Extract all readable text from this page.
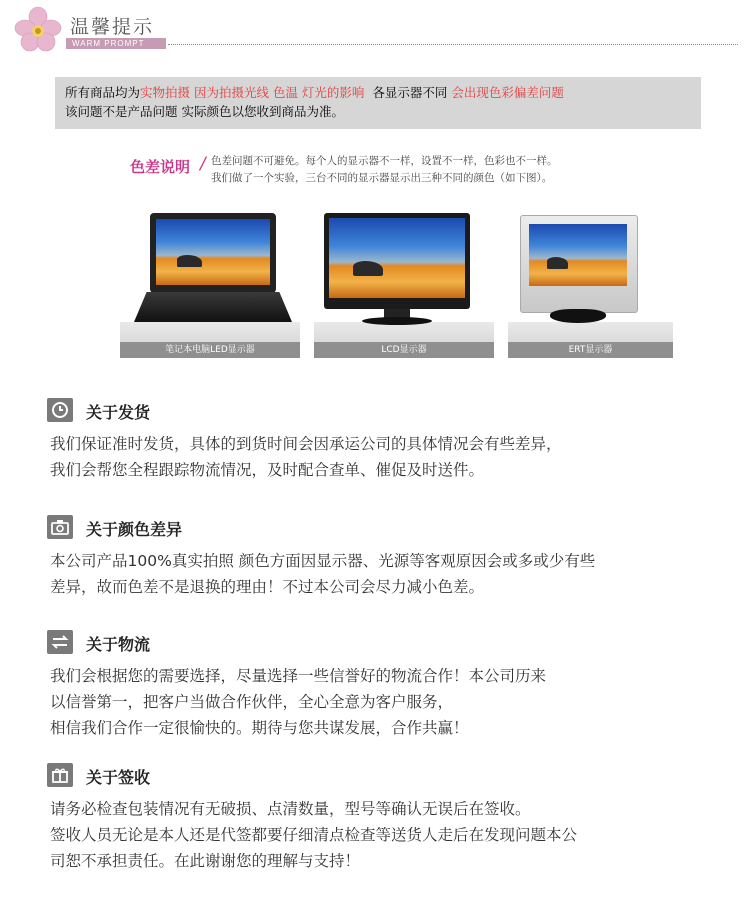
温馨提示
WARM PROMPT
所有商品均为实物拍摄 因为拍摄光线 色温 灯光的影响 各显示器不同 会出现色彩偏差问题
该问题不是产品问题 实际颜色以您收到商品为准。
色差说明 / 色差问题不可避免。每个人的显示器不一样，设置不一样，色彩也不一样。
我们做了一个实验，三台不同的显示器显示出三种不同的颜色（如下图）。
笔记本电脑LED显示器	LCD显示器	ERT显示器
关于发货
我们保证准时发货，具体的到货时间会因承运公司的具体情况会有些差异，
我们会帮您全程跟踪物流情况，及时配合查单、催促及时送件。
关于颜色差异
本公司产品100%真实拍照 颜色方面因显示器、光源等客观原因会或多或少有些
差异，故而色差不是退换的理由！不过本公司会尽力减小色差。
关于物流
我们会根据您的需要选择，尽量选择一些信誉好的物流合作！本公司历来
以信誉第一，把客户当做合作伙伴，全心全意为客户服务，
相信我们合作一定很愉快的。期待与您共谋发展，合作共赢！
关于签收
请务必检查包装情况有无破损、点清数量，型号等确认无误后在签收。
签收人员无论是本人还是代签都要仔细清点检查等送货人走后在发现问题本公
司恕不承担责任。在此谢谢您的理解与支持！
